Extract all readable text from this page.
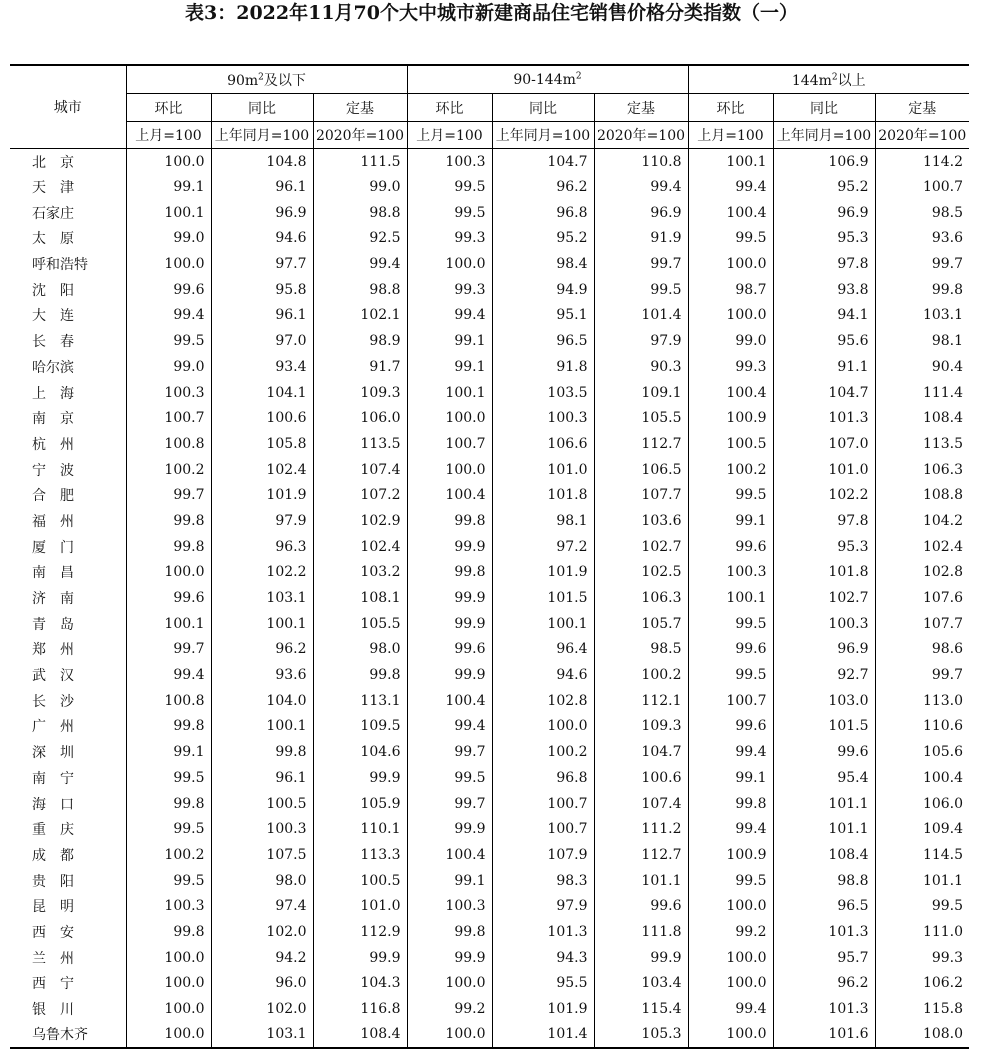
表3：2022年11月70个大中城市新建商品住宅销售价格分类指数（一）
城市	$90m^2$及以下			$90-144m^2$			$144m^2$以上		
	环比	同比	定基	环比	同比	定基	环比	同比	定基
	上月=100	上年同月=100	2020年=100	上月=100	上年同月=100	2020年=100	上月=100	上年同月=100	2020年=100
北　京	100.0	104.8	111.5	100.3	104.7	110.8	100.1	106.9	114.2
天　津	99.1	96.1	99.0	99.5	96.2	99.4	99.4	95.2	100.7
石家庄	100.1	96.9	98.8	99.5	96.8	96.9	100.4	96.9	98.5
太　原	99.0	94.6	92.5	99.3	95.2	91.9	99.5	95.3	93.6
呼和浩特	100.0	97.7	99.4	100.0	98.4	99.7	100.0	97.8	99.7
沈　阳	99.6	95.8	98.8	99.3	94.9	99.5	98.7	93.8	99.8
大　连	99.4	96.1	102.1	99.4	95.1	101.4	100.0	94.1	103.1
长　春	99.5	97.0	98.9	99.1	96.5	97.9	99.0	95.6	98.1
哈尔滨	99.0	93.4	91.7	99.1	91.8	90.3	99.3	91.1	90.4
上　海	100.3	104.1	109.3	100.1	103.5	109.1	100.4	104.7	111.4
南　京	100.7	100.6	106.0	100.0	100.3	105.5	100.9	101.3	108.4
杭　州	100.8	105.8	113.5	100.7	106.6	112.7	100.5	107.0	113.5
宁　波	100.2	102.4	107.4	100.0	101.0	106.5	100.2	101.0	106.3
合　肥	99.7	101.9	107.2	100.4	101.8	107.7	99.5	102.2	108.8
福　州	99.8	97.9	102.9	99.8	98.1	103.6	99.1	97.8	104.2
厦　门	99.8	96.3	102.4	99.9	97.2	102.7	99.6	95.3	102.4
南　昌	100.0	102.2	103.2	99.8	101.9	102.5	100.3	101.8	102.8
济　南	99.6	103.1	108.1	99.9	101.5	106.3	100.1	102.7	107.6
青　岛	100.1	100.1	105.5	99.9	100.1	105.7	99.5	100.3	107.7
郑　州	99.7	96.2	98.0	99.6	96.4	98.5	99.6	96.9	98.6
武　汉	99.4	93.6	99.8	99.9	94.6	100.2	99.5	92.7	99.7
长　沙	100.8	104.0	113.1	100.4	102.8	112.1	100.7	103.0	113.0
广　州	99.8	100.1	109.5	99.4	100.0	109.3	99.6	101.5	110.6
深　圳	99.1	99.8	104.6	99.7	100.2	104.7	99.4	99.6	105.6
南　宁	99.5	96.1	99.9	99.5	96.8	100.6	99.1	95.4	100.4
海　口	99.8	100.5	105.9	99.7	100.7	107.4	99.8	101.1	106.0
重　庆	99.5	100.3	110.1	99.9	100.7	111.2	99.4	101.1	109.4
成　都	100.2	107.5	113.3	100.4	107.9	112.7	100.9	108.4	114.5
贵　阳	99.5	98.0	100.5	99.1	98.3	101.1	99.5	98.8	101.1
昆　明	100.3	97.4	101.0	100.3	97.9	99.6	100.0	96.5	99.5
西　安	99.8	102.0	112.9	99.8	101.3	111.8	99.2	101.3	111.0
兰　州	100.0	94.2	99.9	99.9	94.3	99.9	100.0	95.7	99.3
西　宁	100.0	96.0	104.3	100.0	95.5	103.4	100.0	96.2	106.2
银　川	100.0	102.0	116.8	99.2	101.9	115.4	99.4	101.3	115.8
乌鲁木齐	100.0	103.1	108.4	100.0	101.4	105.3	100.0	101.6	108.0
